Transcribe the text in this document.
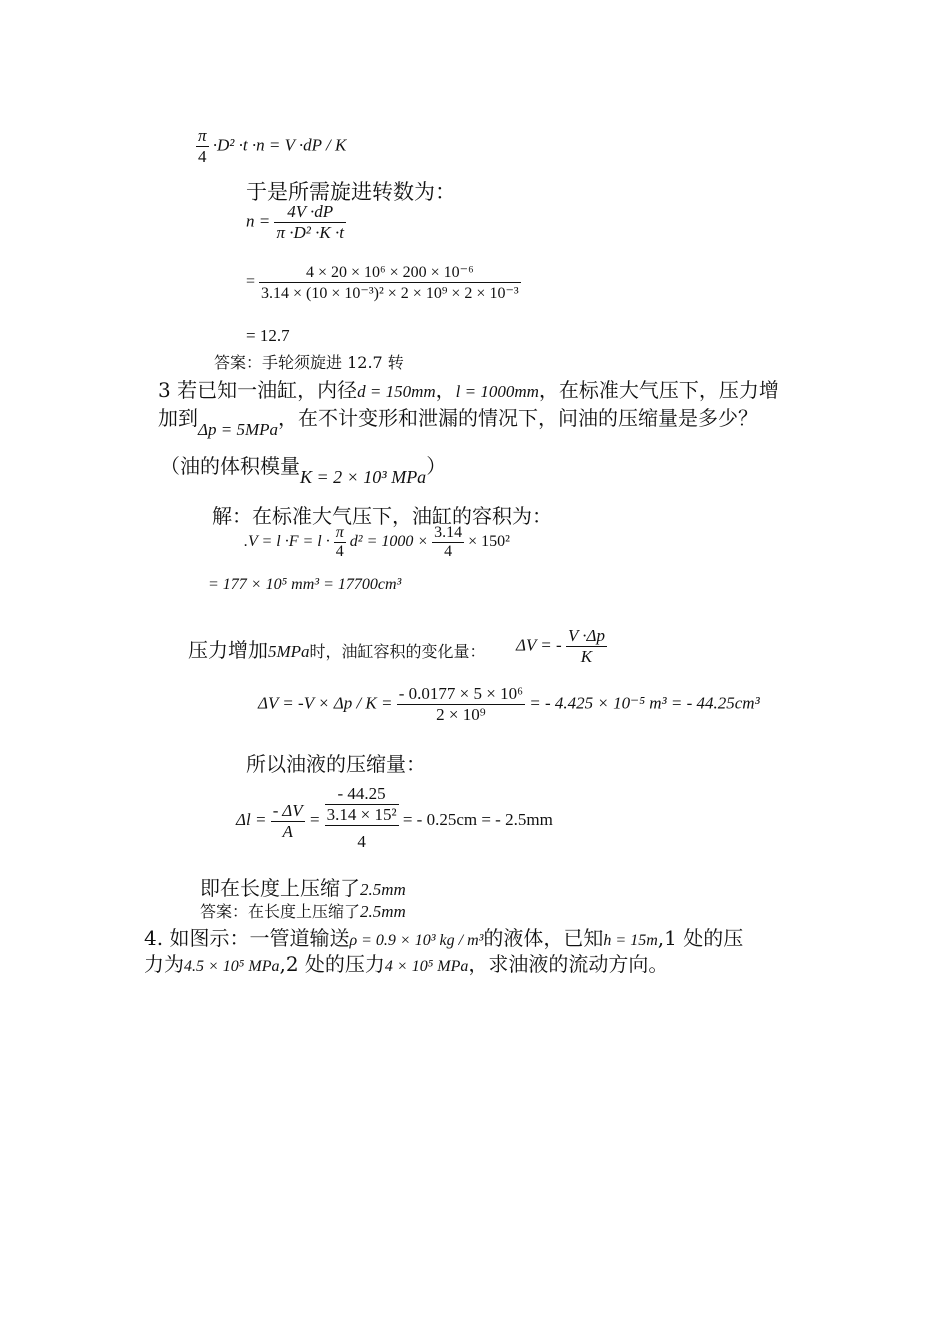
$\frac{\pi}{4} \cdot D^2 \cdot t \cdot n = V \cdot dP / K$
于是所需旋进转数为：
$n = \frac{4V \cdot dP}{\text{π ·D² ·K ·t}}$
= $\frac{\text{4 × 20 × 10⁶ × 200 × 10⁻⁶}}{\text{3.14 × (10 × 10⁻³)² × 2 × 10⁹ × 2 × 10⁻³}}$
= 12.7
答案：手轮须旋进 12.7 转
3 若已知一油缸，内径d = 150mm，l = 1000mm，在标准大气压下，压力增
加到$_{\Delta p = 5MPa}$，在不计变形和泄漏的情况下，问油的压缩量是多少？
（油的体积模量K = 2 × 10³ MPa）
解：在标准大气压下，油缸的容积为：
$.V = l \cdot F = l \cdot \frac{\pi}{4} d^2 = 1000 \times \frac{3.14}{4} \times 150^2$
= 177 × 10⁵ mm³ = 17700cm³
压力增加5MPa时，油缸容积的变化量： ΔV = - $\frac{V \cdot\Delta p}{K}$
$\Delta V = -V \times \Delta p / K = \frac{\text{- 0.0177 × 5 × 10⁶}}{\text{2 × 10⁹}}$ = - 4.425 × 10⁻⁵ m³ = - 44.25cm³
所以油液的压缩量：
$\Delta l = \frac{- \Delta V}{A}$ =
- 44.25
3.14 × 15²
4
= - 0.25cm = - 2.5mm
即在长度上压缩了2.5mm
答案：在长度上压缩了2.5mm
4. 如图示：一管道输送ρ = 0.9 × 10³ kg / m³的液体，已知h = 15m,1 处的压
力为4.5 × 10⁵ MPa,2 处的压力4 × 10⁵ MPa，求油液的流动方向。
